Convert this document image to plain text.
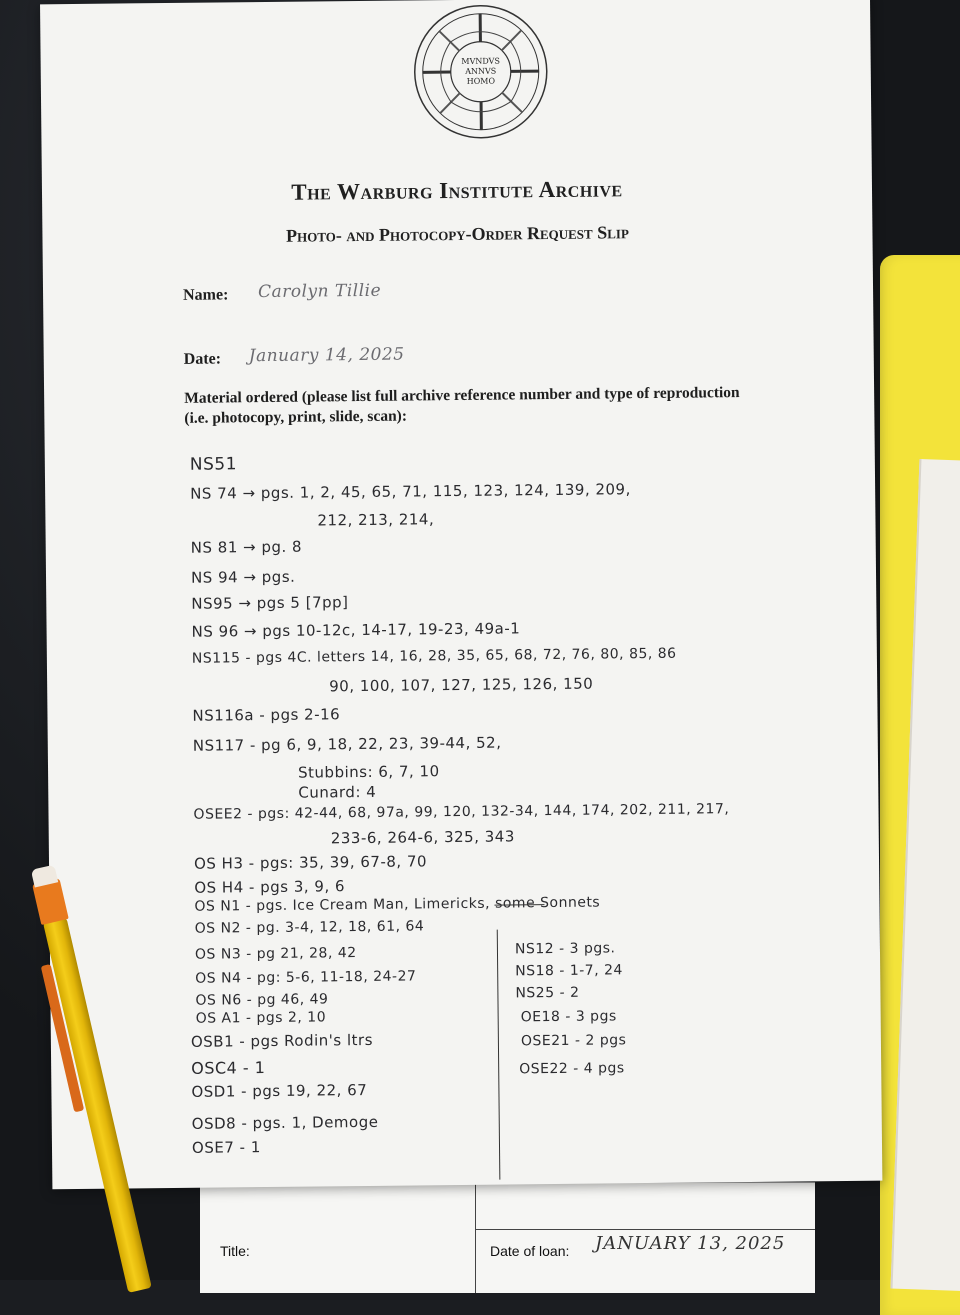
Title:	Date of loan: JANUARY 13, 2025
MVNDVS
ANNVS
HOMO
The Warburg Institute Archive
Photo- and Photocopy-Order Request Slip
Name: Carolyn Tillie
Date: January 14, 2025
Material ordered (please list full archive reference number and type of reproduction (i.e. photocopy, print, slide, scan):
NS51
NS 74 → pgs. 1, 2, 45, 65, 71, 115, 123, 124, 139, 209,
212, 213, 214,
NS 81 → pg. 8
NS 94 → pgs.
NS95 → pgs 5 [7pp]
NS 96 → pgs 10-12c, 14-17, 19-23, 49a-1
NS115 - pgs 4C. letters 14, 16, 28, 35, 65, 68, 72, 76, 80, 85, 86
90, 100, 107, 127, 125, 126, 150
NS116a - pgs 2-16
NS117 - pg 6, 9, 18, 22, 23, 39-44, 52,
Stubbins: 6, 7, 10
Cunard: 4
OSEE2 - pgs: 42-44, 68, 97a, 99, 120, 132-34, 144, 174, 202, 211, 217,
233-6, 264-6, 325, 343
OS H3 - pgs: 35, 39, 67-8, 70
OS H4 - pgs 3, 9, 6
OS N1 - pgs. Ice Cream Man, Limericks, some Sonnets
OS N2 - pg. 3-4, 12, 18, 61, 64
OS N3 - pg 21, 28, 42
OS N4 - pg: 5-6, 11-18, 24-27
OS N6 - pg 46, 49
OS A1 - pgs 2, 10
OSB1 - pgs Rodin's ltrs
OSC4 - 1
OSD1 - pgs 19, 22, 67
OSD8 - pgs. 1, Demoge
OSE7 - 1
NS12 - 3 pgs.
NS18 - 1-7, 24
NS25 - 2
OE18 - 3 pgs
OSE21 - 2 pgs
OSE22 - 4 pgs
